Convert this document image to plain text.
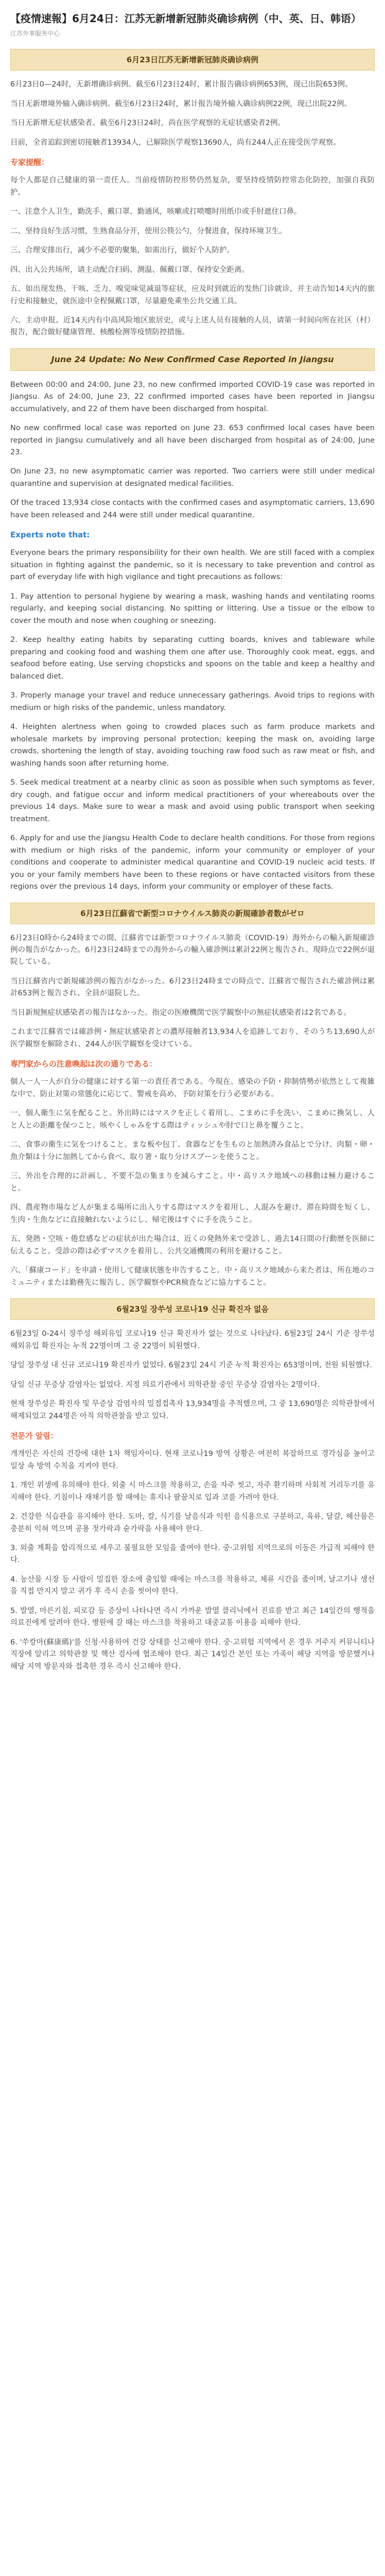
【疫情速報】6月24日：江苏无新增新冠肺炎确诊病例（中、英、日、韩语）
江苏外事服务中心
6月23日江苏无新增新冠肺炎确诊病例

6月23日0—24时，无新增确诊病例。截至6月23日24时，累计报告确诊病例653例，现已出院653例。

当日无新增境外输入确诊病例。截至6月23日24时，累计报告境外输入确诊病例22例，现已出院22例。

当日无新增无症状感染者。截至6月23日24时，尚在医学观察的无症状感染者2例。

目前，全省追踪到密切接触者13934人，已解除医学观察13690人，尚有244人正在接受医学观察。

专家提醒：

每个人都是自己健康的第一责任人。当前疫情防控形势仍然复杂，要坚持疫情防控常态化防控，加强自我防护。

一、注意个人卫生，勤洗手、戴口罩、勤通风，咳嗽或打喷嚏时用纸巾或手肘遮住口鼻。

二、坚持良好生活习惯，生熟食品分开，使用公筷公勺，分餐进食，保持环境卫生。

三、合理安排出行，减少不必要的聚集，如需出行，做好个人防护。

四、出入公共场所，请主动配合扫码、测温、佩戴口罩、保持安全距离。

五、如出现发热、干咳、乏力、嗅觉味觉减退等症状，应及时到就近的发热门诊就诊，并主动告知14天内的旅行史和接触史，就医途中全程佩戴口罩，尽量避免乘坐公共交通工具。

六、主动申报。近14天内有中高风险地区旅居史，或与上述人员有接触的人员，请第一时间向所在社区（村）报告，配合做好健康管理、核酸检测等疫情防控措施。

June 24 Update: No New Confirmed Case Reported in Jiangsu

Between 00:00 and 24:00, June 23, no new confirmed imported COVID-19 case was reported in Jiangsu. As of 24:00, June 23, 22 confirmed imported cases have been reported in Jiangsu accumulatively, and 22 of them have been discharged from hospital.

No new confirmed local case was reported on June 23. 653 confirmed local cases have been reported in Jiangsu cumulatively and all have been discharged from hospital as of 24:00, June 23.

On June 23, no new asymptomatic carrier was reported. Two carriers were still under medical quarantine and supervision at designated medical facilities.

Of the traced 13,934 close contacts with the confirmed cases and asymptomatic carriers, 13,690 have been released and 244 were still under medical quarantine.

Experts note that:

Everyone bears the primary responsibility for their own health. We are still faced with a complex situation in fighting against the pandemic, so it is necessary to take prevention and control as part of everyday life with high vigilance and tight precautions as follows:

1. Pay attention to personal hygiene by wearing a mask, washing hands and ventilating rooms regularly, and keeping social distancing. No spitting or littering. Use a tissue or the elbow to cover the mouth and nose when coughing or sneezing.

2. Keep healthy eating habits by separating cutting boards, knives and tableware while preparing and cooking food and washing them one after use. Thoroughly cook meat, eggs, and seafood before eating. Use serving chopsticks and spoons on the table and keep a healthy and balanced diet.

3. Properly manage your travel and reduce unnecessary gatherings. Avoid trips to regions with medium or high risks of the pandemic, unless mandatory.

4. Heighten alertness when going to crowded places such as farm produce markets and wholesale markets by improving personal protection; keeping the mask on, avoiding large crowds, shortening the length of stay, avoiding touching raw food such as raw meat or fish, and washing hands soon after returning home.

5. Seek medical treatment at a nearby clinic as soon as possible when such symptoms as fever, dry cough, and fatigue occur and inform medical practitioners of your whereabouts over the previous 14 days. Make sure to wear a mask and avoid using public transport when seeking treatment.

6. Apply for and use the Jiangsu Health Code to declare health conditions. For those from regions with medium or high risks of the pandemic, inform your community or employer of your conditions and cooperate to administer medical quarantine and COVID-19 nucleic acid tests. If you or your family members have been to these regions or have contacted visitors from these regions over the previous 14 days, inform your community or employer of these facts.

6月23日江蘇省で新型コロナウイルス肺炎の新規確診者数がゼロ

6月23日0時から24時までの間、江蘇省では新型コロナウイルス肺炎（COVID-19）海外からの輸入新規確診例の報告がなかった。6月23日24時までの海外からの輸入確診例は累計22例と報告され、現時点で22例が退院している。

当日江蘇省内で新規確診例の報告がなかった。6月23日24時までの時点で、江蘇省で報告された確診例は累計653例と報告され、全員が退院した。

当日新規無症状感染者の報告はなかった。指定の医療機関で医学観察中の無症状感染者は2名である。

これまで江蘇省では確診例・無症状感染者との濃厚接触者13,934人を追跡しており、そのうち13,690人が医学観察を解除され、244人が医学観察を受けている。

専門家からの注意喚起は次の通りである：

個人一人一人が自分の健康に対する第一の責任者である。今現在、感染の予防・抑制情勢が依然として複雑な中で、防止対策の常態化に応じて、警戒を高め、予防対策を行う必要がある。

一、個人衛生に気を配ること。外出時にはマスクを正しく着用し、こまめに手を洗い、こまめに換気し、人と人との距離を保つこと。咳やくしゃみをする際はティッシュや肘で口と鼻を覆うこと。

二、食事の衛生に気をつけること。まな板や包丁、食器などを生ものと加熱済み食品とで分け、肉類・卵・魚介類は十分に加熱してから食べ、取り箸・取り分けスプーンを使うこと。

三、外出を合理的に計画し、不要不急の集まりを減らすこと。中・高リスク地域への移動は極力避けること。

四、農産物市場など人が集まる場所に出入りする際はマスクを着用し、人混みを避け、滞在時間を短くし、生肉・生魚などに直接触れないようにし、帰宅後はすぐに手を洗うこと。

五、発熱・空咳・倦怠感などの症状が出た場合は、近くの発熱外来で受診し、過去14日間の行動歴を医師に伝えること。受診の際は必ずマスクを着用し、公共交通機関の利用を避けること。

六、「蘇康コード」を申請・使用して健康状態を申告すること。中・高リスク地域から来た者は、所在地のコミュニティまたは勤務先に報告し、医学観察やPCR検査などに協力すること。

6월23일 장쑤성 코로나19 신규 확진자 없음

6월23일 0-24시 장쑤성 해외유입 코로나19 신규 확진자가 없는 것으로 나타났다. 6월23일 24시 기준 장쑤성 해외유입 확진자는 누적 22명이며 그 중 22명이 퇴원했다.

당일 장쑤성 내 신규 코로나19 확진자가 없었다. 6월23일 24시 기준 누적 확진자는 653명이며, 전원 퇴원했다.

당일 신규 무증상 감염자는 없었다. 지정 의료기관에서 의학관찰 중인 무증상 감염자는 2명이다.

현재 장쑤성은 확진자 및 무증상 감염자의 밀접접촉자 13,934명을 추적했으며, 그 중 13,690명은 의학관찰에서 해제되었고 244명은 아직 의학관찰을 받고 있다.

전문가 알림：

개개인은 자신의 건강에 대한 1차 책임자이다. 현재 코로나19 방역 상황은 여전히 복잡하므로 경각심을 높이고 일상 속 방역 수칙을 지켜야 한다.

1. 개인 위생에 유의해야 한다. 외출 시 마스크를 착용하고, 손을 자주 씻고, 자주 환기하며 사회적 거리두기를 유지해야 한다. 기침이나 재채기를 할 때에는 휴지나 팔꿈치로 입과 코를 가려야 한다.

2. 건강한 식습관을 유지해야 한다. 도마, 칼, 식기를 날음식과 익힌 음식용으로 구분하고, 육류, 달걀, 해산물은 충분히 익혀 먹으며 공용 젓가락과 숟가락을 사용해야 한다.

3. 외출 계획을 합리적으로 세우고 불필요한 모임을 줄여야 한다. 중·고위험 지역으로의 이동은 가급적 피해야 한다.

4. 농산물 시장 등 사람이 밀집한 장소에 출입할 때에는 마스크를 착용하고, 체류 시간을 줄이며, 날고기나 생선을 직접 만지지 말고 귀가 후 즉시 손을 씻어야 한다.

5. 발열, 마른기침, 피로감 등 증상이 나타나면 즉시 가까운 발열 클리닉에서 진료를 받고 최근 14일간의 행적을 의료진에게 알려야 한다. 병원에 갈 때는 마스크를 착용하고 대중교통 이용을 피해야 한다.

6. '쑤캉마(蘇康碼)'를 신청·사용하여 건강 상태를 신고해야 한다. 중·고위험 지역에서 온 경우 거주지 커뮤니티나 직장에 알리고 의학관찰 및 핵산 검사에 협조해야 한다. 최근 14일간 본인 또는 가족이 해당 지역을 방문했거나 해당 지역 방문자와 접촉한 경우 즉시 신고해야 한다.
